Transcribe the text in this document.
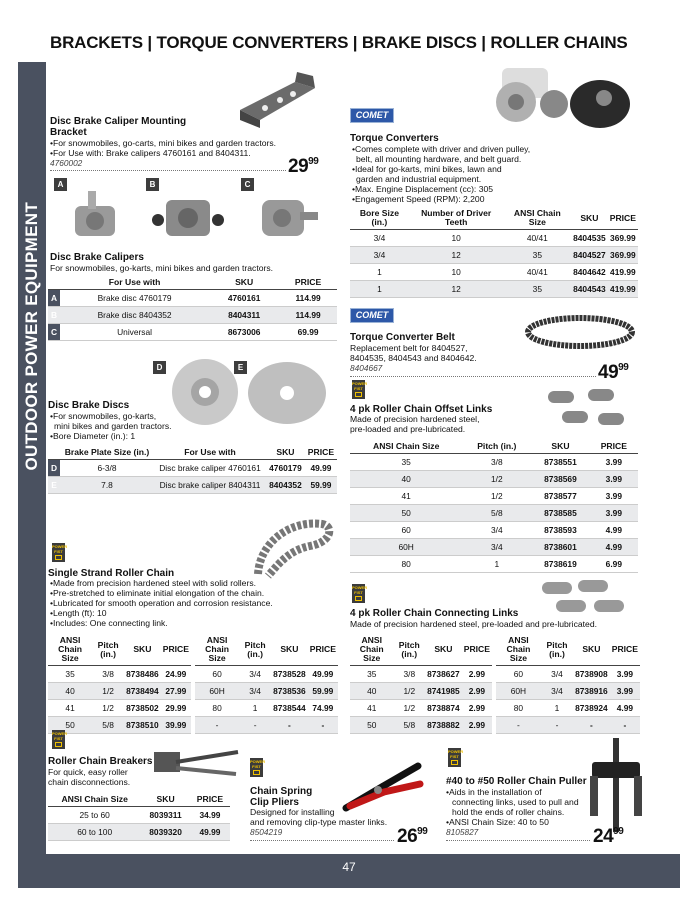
BRACKETS | TORQUE CONVERTERS | BRAKE DISCS | ROLLER CHAINS
OUTDOOR POWER EQUIPMENT
Disc Brake Caliper Mounting Bracket
•For snowmobiles, go-carts, mini bikes and garden tractors.
•For Use with: Brake calipers 4760161 and 8404311.
4760002	$29^{99}$
A	B	C
Disc Brake Calipers
For snowmobiles, go-karts, mini bikes and garden tractors.
	For Use with	SKU	PRICE
A	Brake disc 4760179	4760161	114.99
B	Brake disc 8404352	8404311	114.99
C	Universal	8673006	69.99
D	E
Disc Brake Discs
•For snowmobiles, go-karts,
mini bikes and garden tractors.
•Bore Diameter (in.): 1
	Brake Plate Size (in.)	For Use with	SKU	PRICE
D	6-3/8	Disc brake caliper 4760161	4760179	49.99
E	7.8	Disc brake caliper 8404311	8404352	59.99
POWER FIST
Single Strand Roller Chain
•Made from precision hardened steel with solid rollers.
•Pre-stretched to eliminate initial elongation of the chain.
•Lubricated for smooth operation and corrosion resistance.
•Length (ft): 10
•Includes: One connecting link.
ANSI Chain Size	Pitch (in.)	SKU	PRICE
35	3/8	8738486	24.99
40	1/2	8738494	27.99
41	1/2	8738502	29.99
50	5/8	8738510	39.99
ANSI Chain Size	Pitch (in.)	SKU	PRICE
60	3/4	8738528	49.99
60H	3/4	8738536	59.99
80	1	8738544	74.99
-	-	-	-
POWER FIST
Roller Chain Breakers
For quick, easy roller
chain disconnections.
ANSI Chain Size	SKU	PRICE
25 to 60	8039311	34.99
60 to 100	8039320	49.99
POWER FIST
Chain Spring
Clip Pliers
Designed for installing
and removing clip-type master links.
8504219	$26^{99}$
COMET
Torque Converters
•Comes complete with driver and driven pulley,
belt, all mounting hardware, and belt guard.
•Ideal for go-karts, mini bikes, lawn and
garden and industrial equipment.
•Max. Engine Displacement (cc): 305
•Engagement Speed (RPM): 2,200
Bore Size (in.)	Number of Driver Teeth	ANSI Chain Size	SKU	PRICE
3/4	10	40/41	8404535	369.99
3/4	12	35	8404527	369.99
1	10	40/41	8404642	419.99
1	12	35	8404543	419.99
COMET
Torque Converter Belt
Replacement belt for 8404527,
8404535, 8404543 and 8404642.
8404667	$49^{99}$
POWER FIST
4 pk Roller Chain Offset Links
Made of precision hardened steel,
pre-loaded and pre-lubricated.
ANSI Chain Size	Pitch (in.)	SKU	PRICE
35	3/8	8738551	3.99
40	1/2	8738569	3.99
41	1/2	8738577	3.99
50	5/8	8738585	3.99
60	3/4	8738593	4.99
60H	3/4	8738601	4.99
80	1	8738619	6.99
POWER FIST
4 pk Roller Chain Connecting Links
Made of precision hardened steel, pre-loaded and pre-lubricated.
ANSI Chain Size	Pitch (in.)	SKU	PRICE
35	3/8	8738627	2.99
40	1/2	8741985	2.99
41	1/2	8738874	2.99
50	5/8	8738882	2.99
ANSI Chain Size	Pitch (in.)	SKU	PRICE
60	3/4	8738908	3.99
60H	3/4	8738916	3.99
80	1	8738924	4.99
-	-	-	-
POWER FIST
#40 to #50 Roller Chain Puller
•Aids in the installation of
connecting links, used to pull and
hold the ends of roller chains.
•ANSI Chain Size: 40 to 50
8105827	$24^{99}$
47
